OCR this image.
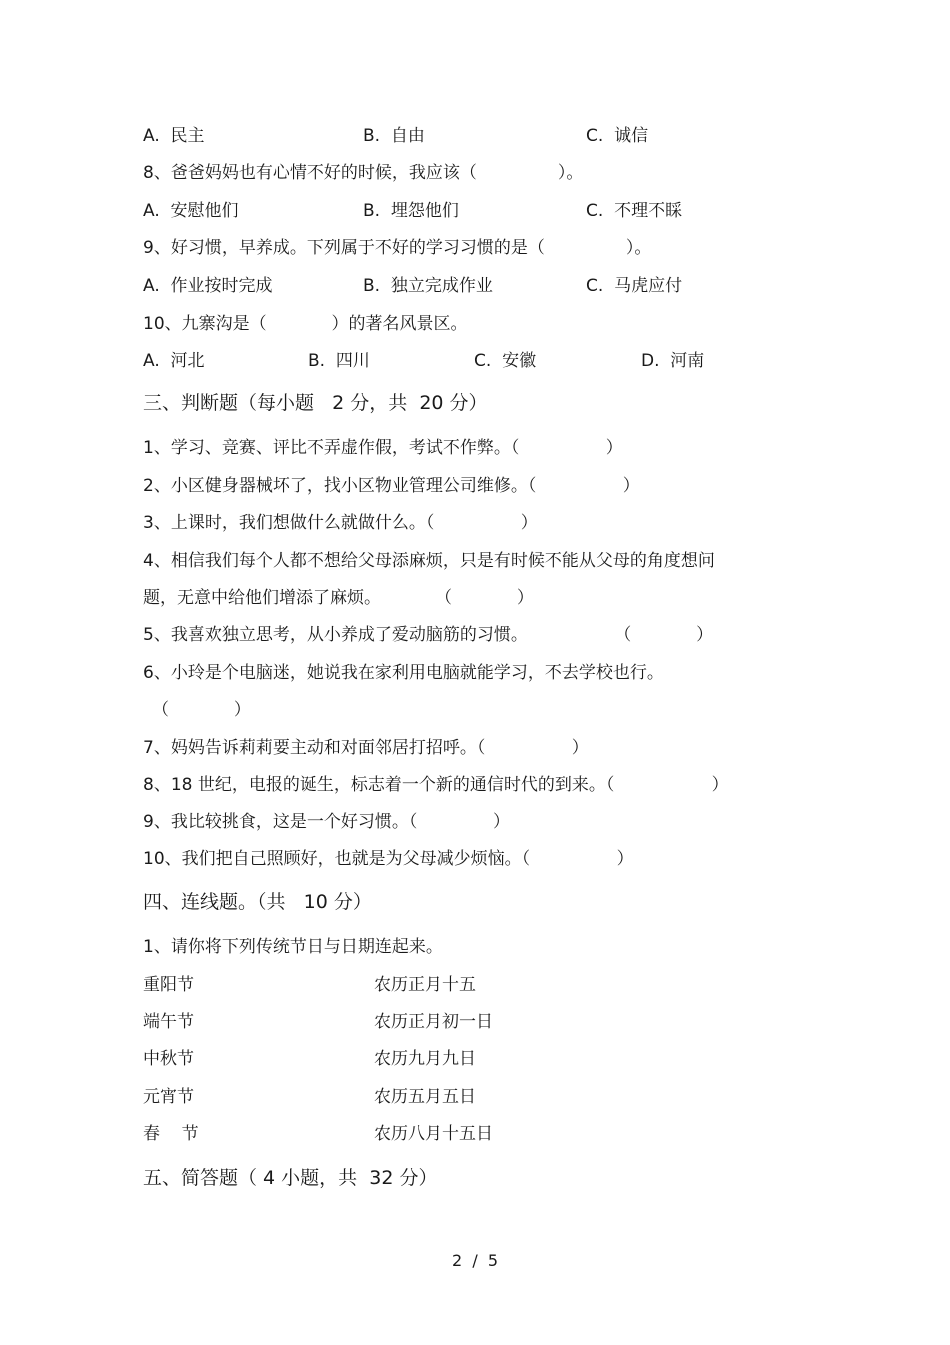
A.  民主	B.  自由	C.  诚信
8、爸爸妈妈也有心情不好的时候，我应该（               ）。
A.  安慰他们	B.  埋怨他们	C.  不理不睬
9、好习惯，早养成。下列属于不好的学习习惯的是（               ）。
A.  作业按时完成	B.  独立完成作业	C.  马虎应付
10、九寨沟是（            ）的著名风景区。
A.  河北	B.  四川	C.  安徽	D.  河南
三、判断题（每小题   2 分，共  20 分）
1、学习、竞赛、评比不弄虚作假，考试不作弊。（                ）
2、小区健身器械坏了，找小区物业管理公司维修。（                ）
3、上课时，我们想做什么就做什么。（                ）
4、相信我们每个人都不想给父母添麻烦，只是有时候不能从父母的角度想问
题，无意中给他们增添了麻烦。          （            ）
5、我喜欢独立思考，从小养成了爱动脑筋的习惯。                （            ）
6、小玲是个电脑迷，她说我在家利用电脑就能学习，不去学校也行。
（            ）
7、妈妈告诉莉莉要主动和对面邻居打招呼。（                ）
8、18 世纪，电报的诞生，标志着一个新的通信时代的到来。（                  ）
9、我比较挑食，这是一个好习惯。（              ）
10、我们把自己照顾好，也就是为父母减少烦恼。（                ）
四、连线题。（共   10 分）
1、请你将下列传统节日与日期连起来。
重阳节	农历正月十五
端午节	农历正月初一日
中秋节	农历九月九日
元宵节	农历五月五日
春    节	农历八月十五日
五、简答题（ 4 小题，共  32 分）
2  /  5
